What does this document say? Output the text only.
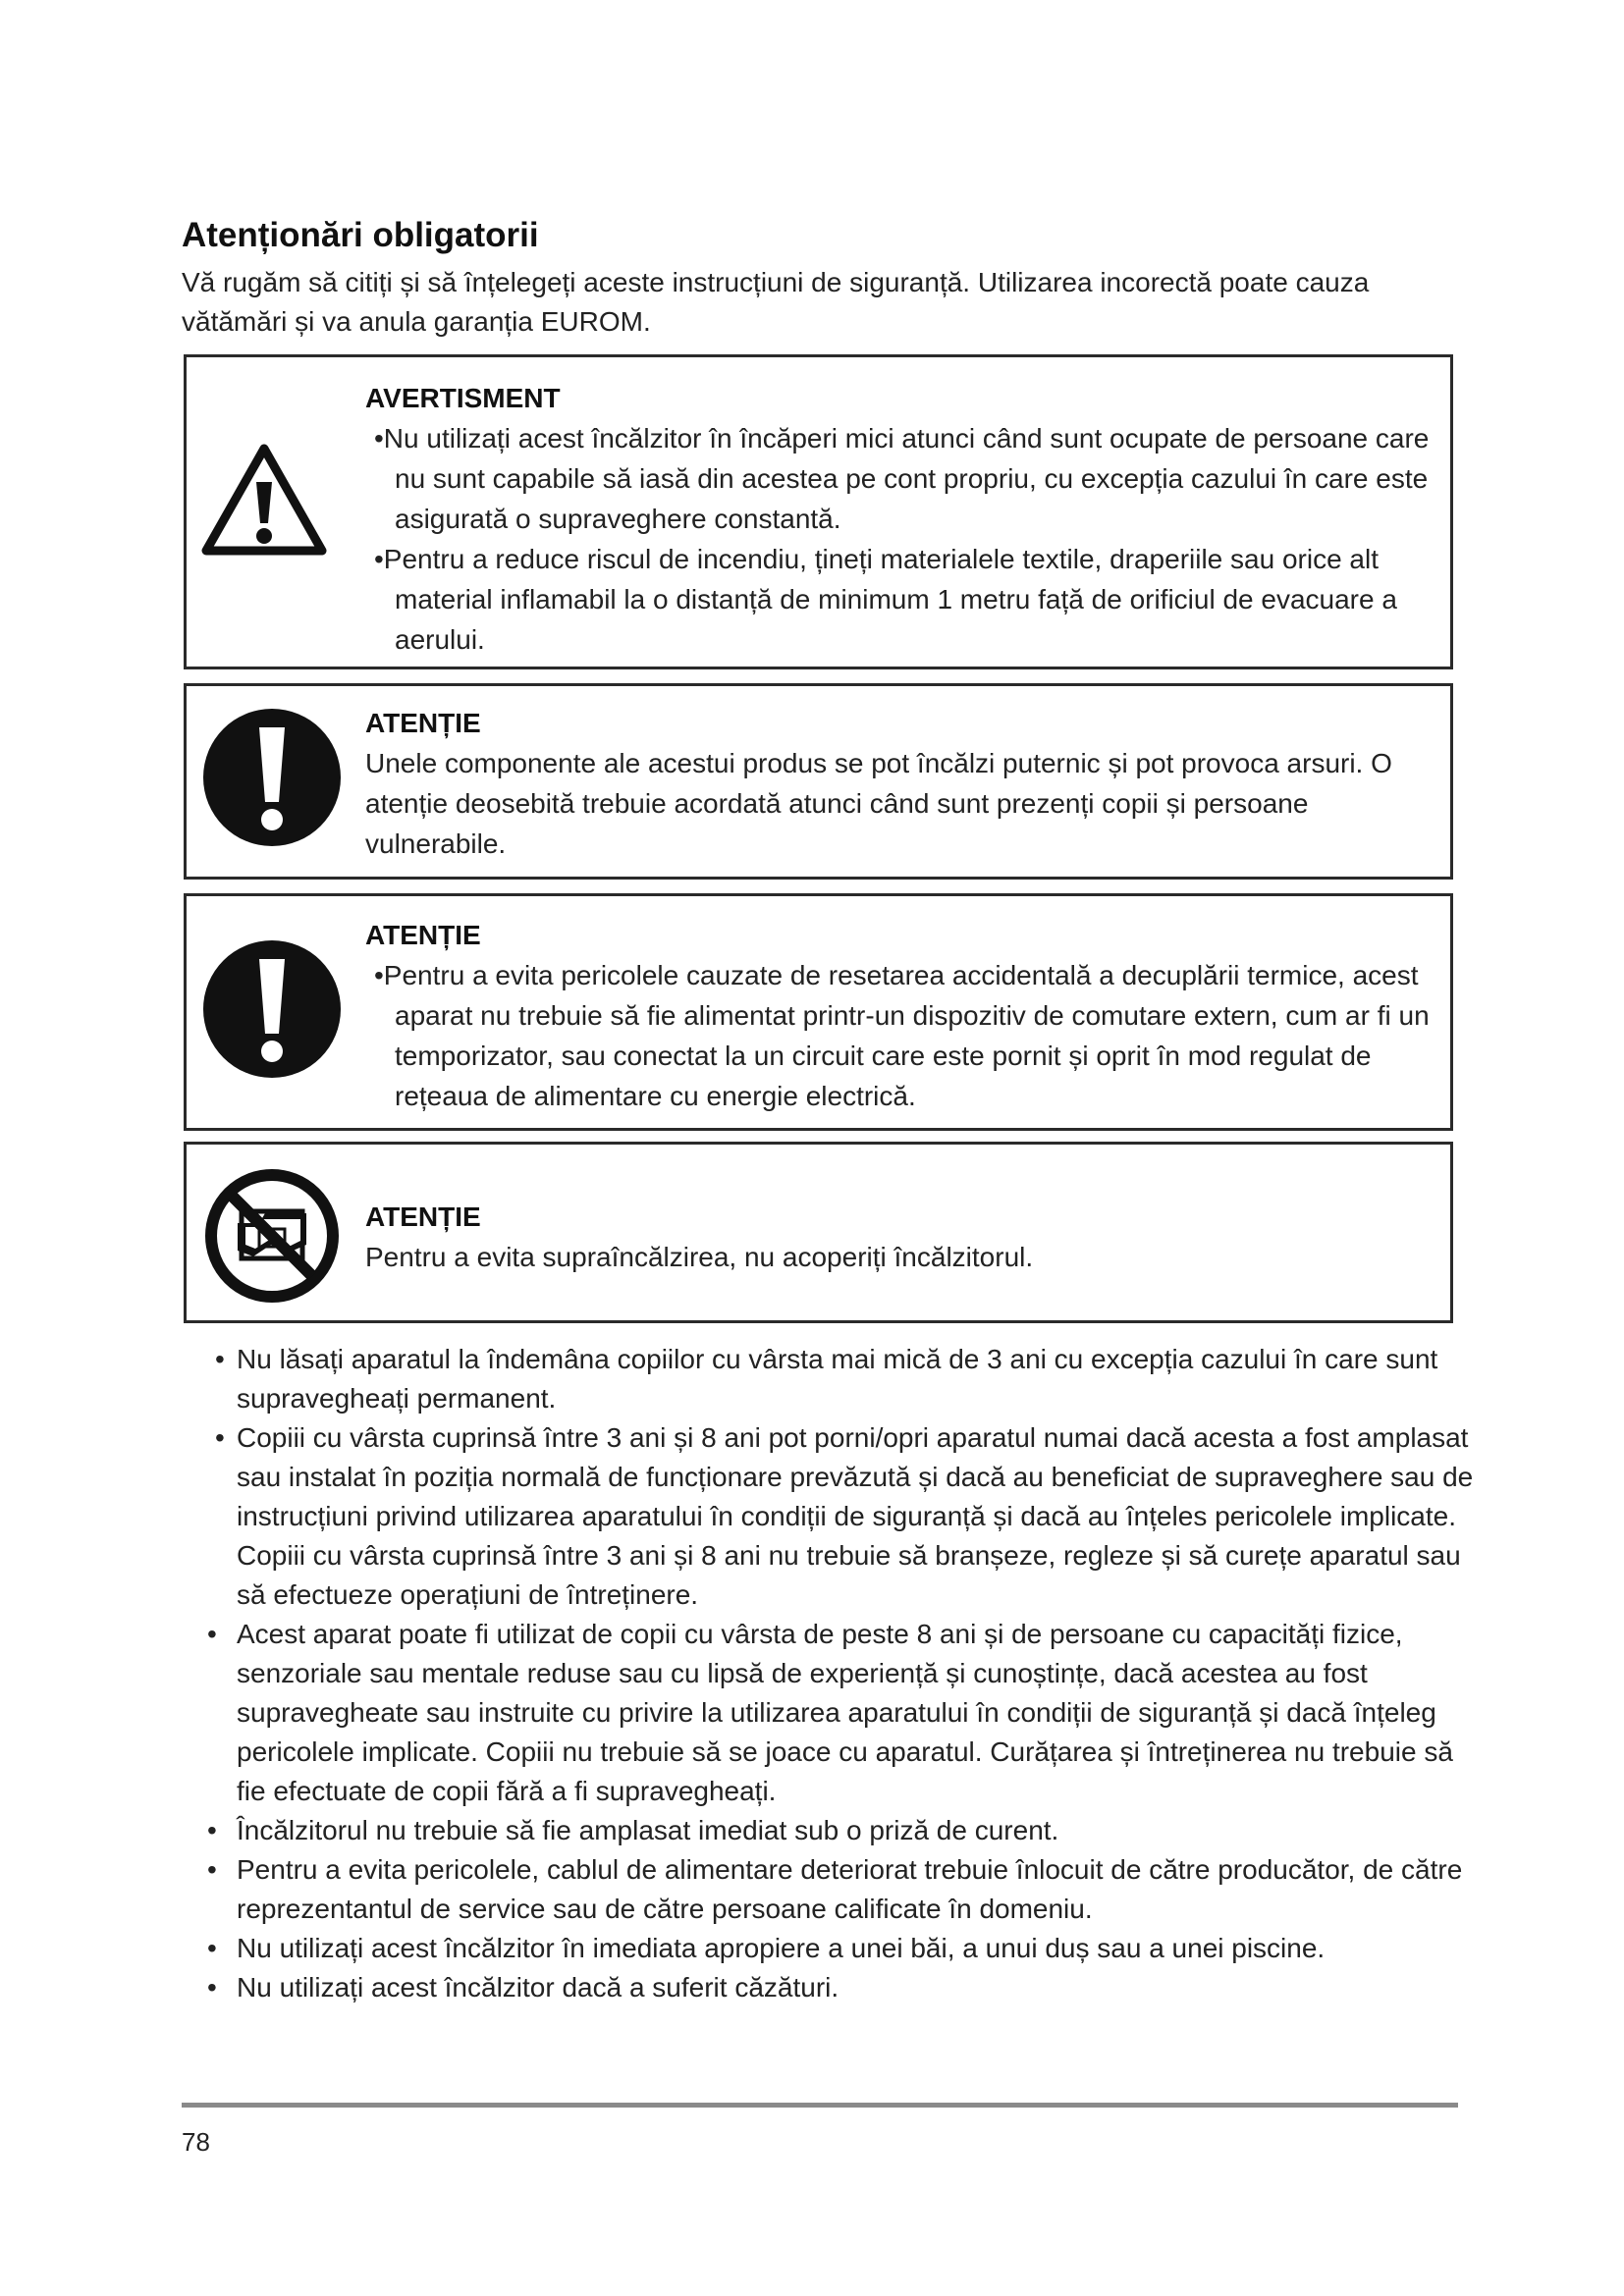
Atenționări obligatorii
Vă rugăm să citiți și să înțelegeți aceste instrucțiuni de siguranță. Utilizarea incorectă poate cauza vătămări și va anula garanția EUROM.
AVERTISMENT

•Nu utilizați acest încălzitor în încăperi mici atunci când sunt ocupate de persoane care nu sunt capabile să iasă din acestea pe cont propriu, cu excepția cazului în care este asigurată o supraveghere constantă.

•Pentru a reduce riscul de incendiu, țineți materialele textile, draperiile sau orice alt material inflamabil la o distanță de minimum 1 metru față de orificiul de evacuare a aerului.

ATENȚIE
Unele componente ale acestui produs se pot încălzi puternic și pot provoca arsuri. O atenție deosebită trebuie acordată atunci când sunt prezenți copii și persoane vulnerabile.
ATENȚIE

•Pentru a evita pericolele cauzate de resetarea accidentală a decuplării termice, acest aparat nu trebuie să fie alimentat printr-un dispozitiv de comutare extern, cum ar fi un temporizator, sau conectat la un circuit care este pornit și oprit în mod regulat de rețeaua de alimentare cu energie electrică.

ATENȚIE
Pentru a evita supraîncălzirea, nu acoperiți încălzitorul.
• Nu lăsați aparatul la îndemâna copiilor cu vârsta mai mică de 3 ani cu excepția cazului în care sunt supravegheați permanent.

• Copiii cu vârsta cuprinsă între 3 ani și 8 ani pot porni/opri aparatul numai dacă acesta a fost amplasat sau instalat în poziția normală de funcționare prevăzută și dacă au beneficiat de supraveghere sau de instrucțiuni privind utilizarea aparatului în condiții de siguranță și dacă au înțeles pericolele implicate. Copiii cu vârsta cuprinsă între 3 ani și 8 ani nu trebuie să branșeze, regleze și să curețe aparatul sau să efectueze operațiuni de întreținere.

• Acest aparat poate fi utilizat de copii cu vârsta de peste 8 ani și de persoane cu capacități fizice, senzoriale sau mentale reduse sau cu lipsă de experiență și cunoștințe, dacă acestea au fost supravegheate sau instruite cu privire la utilizarea aparatului în condiții de siguranță și dacă înțeleg pericolele implicate. Copiii nu trebuie să se joace cu aparatul. Curățarea și întreținerea nu trebuie să fie efectuate de copii fără a fi supravegheați.

• Încălzitorul nu trebuie să fie amplasat imediat sub o priză de curent.

• Pentru a evita pericolele, cablul de alimentare deteriorat trebuie înlocuit de către producător, de către reprezentantul de service sau de către persoane calificate în domeniu.

• Nu utilizați acest încălzitor în imediata apropiere a unei băi, a unui duș sau a unei piscine.

• Nu utilizați acest încălzitor dacă a suferit căzături.

78
